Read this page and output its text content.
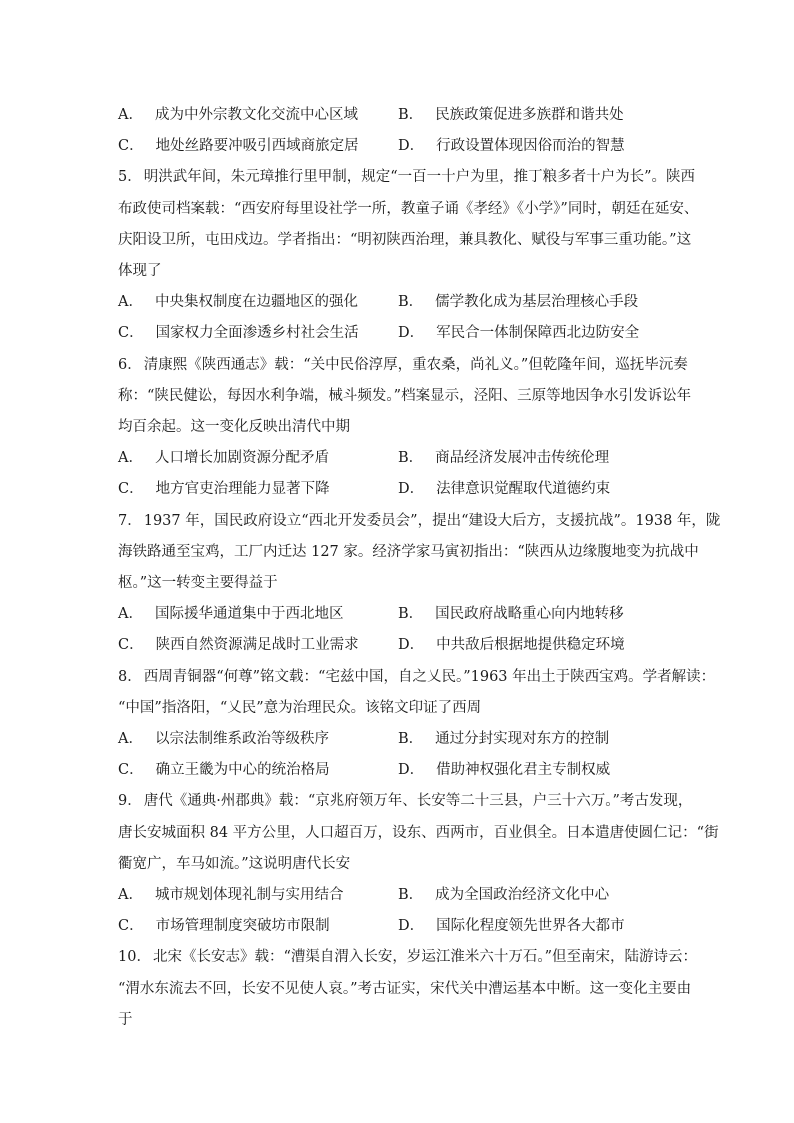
A． 成为中外宗教文化交流中心区域	B． 民族政策促进多族群和谐共处
C． 地处丝路要冲吸引西域商旅定居	D． 行政设置体现因俗而治的智慧
5． 明洪武年间，朱元璋推行里甲制，规定“一百一十户为里，推丁粮多者十户为长”。陕西
布政使司档案载：“西安府每里设社学一所，教童子诵《孝经》《小学》”同时，朝廷在延安、
庆阳设卫所，屯田戍边。学者指出：“明初陕西治理，兼具教化、赋役与军事三重功能。”这
体现了
A． 中央集权制度在边疆地区的强化	B． 儒学教化成为基层治理核心手段
C． 国家权力全面渗透乡村社会生活	D． 军民合一体制保障西北边防安全
6． 清康熙《陕西通志》载：“关中民俗淳厚，重农桑，尚礼义。”但乾隆年间，巡抚毕沅奏
称：“陕民健讼，每因水利争端，械斗频发。”档案显示，泾阳、三原等地因争水引发诉讼年
均百余起。这一变化反映出清代中期
A． 人口增长加剧资源分配矛盾	B． 商品经济发展冲击传统伦理
C． 地方官吏治理能力显著下降	D． 法律意识觉醒取代道德约束
7． 1937 年，国民政府设立“西北开发委员会”，提出“建设大后方，支援抗战”。1938 年，陇
海铁路通至宝鸡，工厂内迁达 127 家。经济学家马寅初指出：“陕西从边缘腹地变为抗战中
枢。”这一转变主要得益于
A． 国际援华通道集中于西北地区	B． 国民政府战略重心向内地转移
C． 陕西自然资源满足战时工业需求	D． 中共敌后根据地提供稳定环境
8． 西周青铜器“何尊”铭文载：“宅兹中国，自之乂民。”1963 年出土于陕西宝鸡。学者解读：
“中国”指洛阳，“乂民”意为治理民众。该铭文印证了西周
A． 以宗法制维系政治等级秩序	B． 通过分封实现对东方的控制
C． 确立王畿为中心的统治格局	D． 借助神权强化君主专制权威
9． 唐代《通典·州郡典》载：“京兆府领万年、长安等二十三县，户三十六万。”考古发现，
唐长安城面积 84 平方公里，人口超百万，设东、西两市，百业俱全。日本遣唐使圆仁记：“街
衢宽广，车马如流。”这说明唐代长安
A． 城市规划体现礼制与实用结合	B． 成为全国政治经济文化中心
C． 市场管理制度突破坊市限制	D． 国际化程度领先世界各大都市
10． 北宋《长安志》载：“漕渠自渭入长安，岁运江淮米六十万石。”但至南宋，陆游诗云：
“渭水东流去不回，长安不见使人哀。”考古证实，宋代关中漕运基本中断。这一变化主要由
于
